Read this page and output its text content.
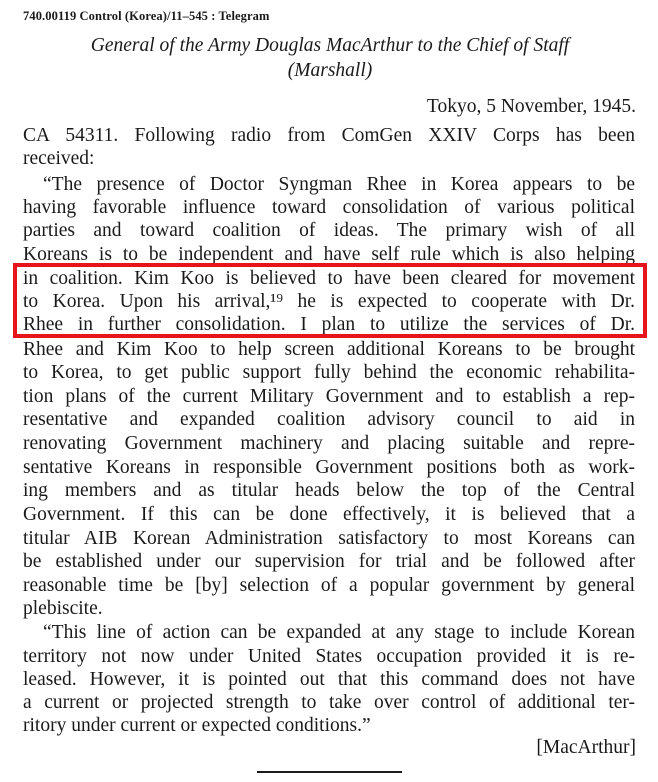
740.00119 Control (Korea)/11–545 : Telegram
General of the Army Douglas MacArthur to the Chief of Staff
(Marshall)
Tokyo, 5 November, 1945.
CA 54311. Following radio from ComGen XXIV Corps has been
received:
“The presence of Doctor Syngman Rhee in Korea appears to be
having favorable influence toward consolidation of various political
parties and toward coalition of ideas. The primary wish of all
Koreans is to be independent and have self rule which is also helping
in coalition. Kim Koo is believed to have been cleared for movement
to Korea. Upon his arrival,¹⁹ he is expected to cooperate with Dr.
Rhee in further consolidation. I plan to utilize the services of Dr.
Rhee and Kim Koo to help screen additional Koreans to be brought
to Korea, to get public support fully behind the economic rehabilita-
tion plans of the current Military Government and to establish a rep-
resentative and expanded coalition advisory council to aid in
renovating Government machinery and placing suitable and repre-
sentative Koreans in responsible Government positions both as work-
ing members and as titular heads below the top of the Central
Government. If this can be done effectively, it is believed that a
titular AIB Korean Administration satisfactory to most Koreans can
be established under our supervision for trial and be followed after
reasonable time be [by] selection of a popular government by general
plebiscite.
“This line of action can be expanded at any stage to include Korean
territory not now under United States occupation provided it is re-
leased. However, it is pointed out that this command does not have
a current or projected strength to take over control of additional ter-
ritory under current or expected conditions.”
[MacArthur]
